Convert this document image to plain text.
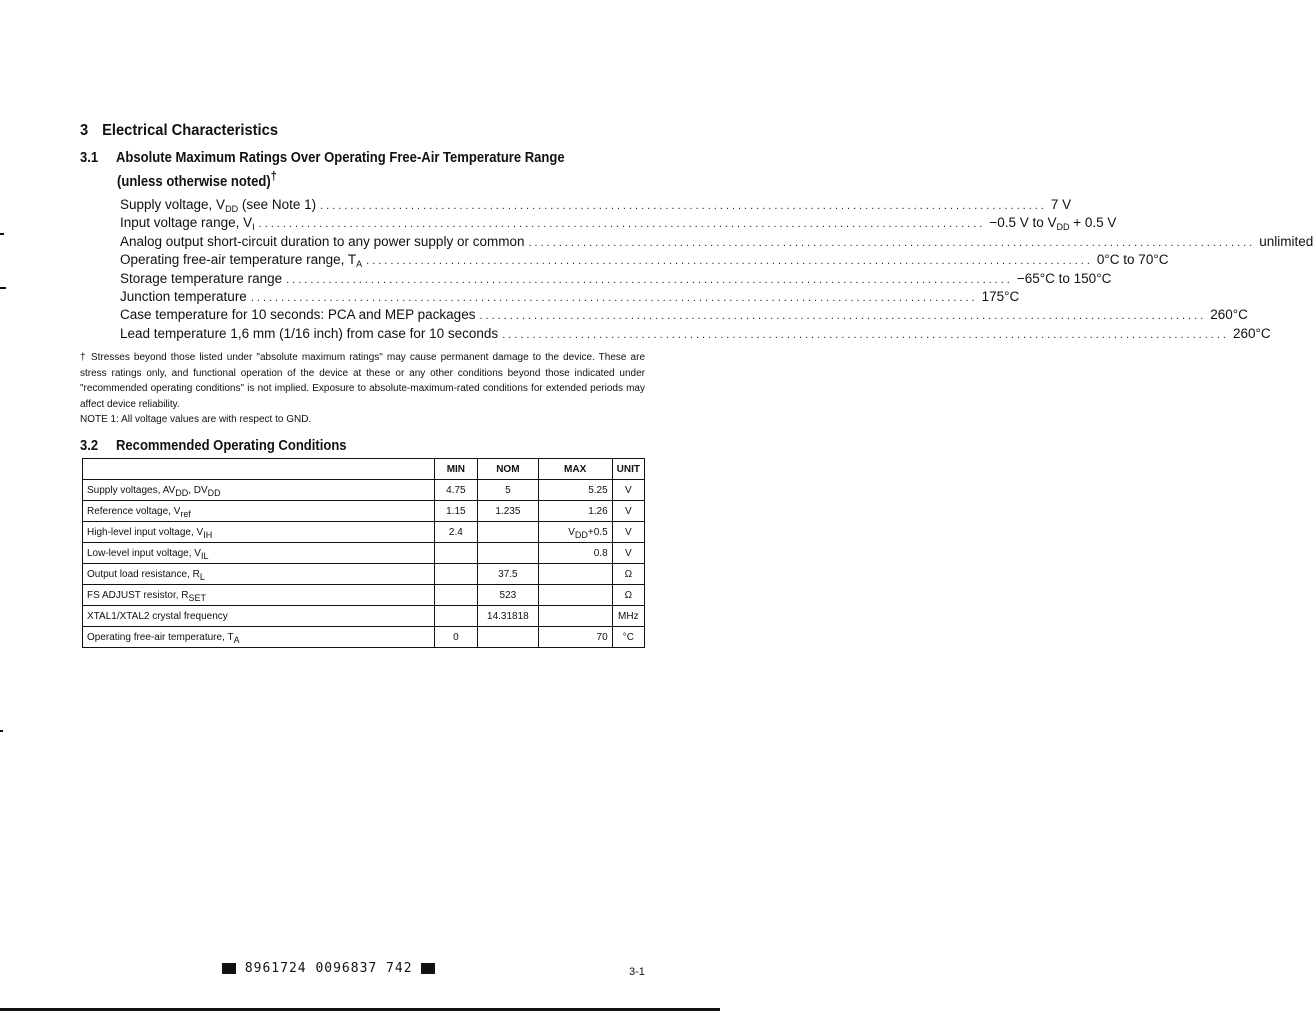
3 Electrical Characteristics
3.1 Absolute Maximum Ratings Over Operating Free-Air Temperature Range
(unless otherwise noted)†
Supply voltage, $V_{DD}$ (see Note 1) ........................................................................................................................ 7 V
Input voltage range, $V_I$ ........................................................................................................................ −0.5 V to $V_{DD} + 0.5$ V
Analog output short-circuit duration to any power supply or common ........................................................................................................................ unlimited
Operating free-air temperature range, $T_A$ ........................................................................................................................ 0°C to 70°C
Storage temperature range ........................................................................................................................ −65°C to 150°C
Junction temperature ........................................................................................................................ 175°C
Case temperature for 10 seconds: PCA and MEP packages ........................................................................................................................ 260°C
Lead temperature 1,6 mm (1/16 inch) from case for 10 seconds ........................................................................................................................ 260°C

† Stresses beyond those listed under "absolute maximum ratings" may cause permanent damage to the device. These are stress ratings only, and functional operation of the device at these or any other conditions beyond those indicated under "recommended operating conditions" is not implied. Exposure to absolute-maximum-rated conditions for extended periods may affect device reliability.

NOTE 1: All voltage values are with respect to GND.

3.2 Recommended Operating Conditions
	MIN	NOM	MAX	UNIT
Supply voltages, $AV_{DD}$, $DV_{DD}$	4.75	5	5.25	V
Reference voltage, $V_{ref}$	1.15	1.235	1.26	V
High-level input voltage, $V_{IH}$	2.4		$V_{DD}+0.5$	V
Low-level input voltage, $V_{IL}$			0.8	V
Output load resistance, $R_L$		37.5		Ω
FS ADJUST resistor, $R_{SET}$		523		Ω
XTAL1/XTAL2 crystal frequency		14.31818		MHz
Operating free-air temperature, $T_A$	0		70	°C
8961724 0096837 742	3-1
